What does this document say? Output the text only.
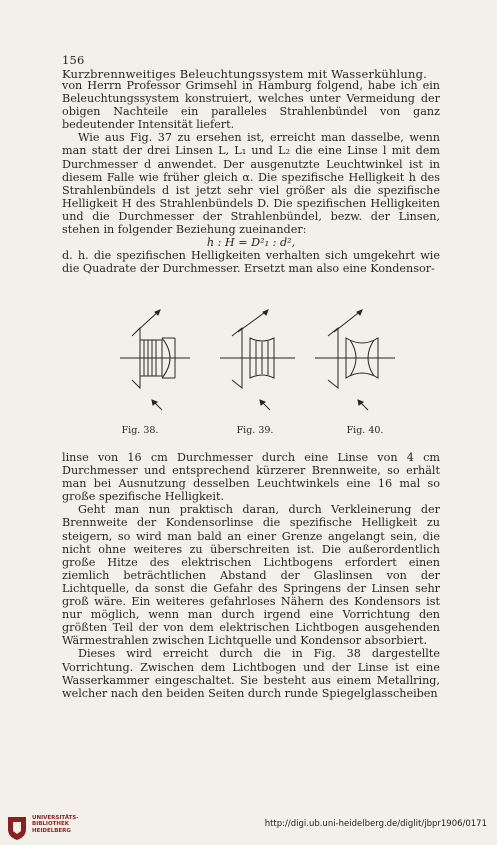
156 Kurzbrennweitiges Beleuchtungssystem mit Wasserkühlung.

von Herrn Professor Grimsehl in Hamburg folgend, habe ich ein Beleuchtungssystem konstruiert, welches unter Vermeidung der obigen Nachteile ein paralleles Strahlenbündel von ganz bedeutender Intensität liefert.

Wie aus Fig. 37 zu ersehen ist, erreicht man dasselbe, wenn man statt der drei Linsen L, L₁ und L₂ die eine Linse l mit dem Durchmesser d anwendet. Der ausgenutzte Leuchtwinkel ist in diesem Falle wie früher gleich α. Die spezifische Helligkeit h des Strahlenbündels d ist jetzt sehr viel größer als die spezifische Helligkeit H des Strahlenbündels D. Die spezifischen Helligkeiten und die Durchmesser der Strahlenbündel, bezw. der Linsen, stehen in folgender Beziehung zueinander:

h : H = D²₁ : d²,

d. h. die spezifischen Helligkeiten verhalten sich umgekehrt wie die Quadrate der Durchmesser. Ersetzt man also eine Kondensor-

Fig. 38.	Fig. 39.	Fig. 40.

linse von 16 cm Durchmesser durch eine Linse von 4 cm Durchmesser und entsprechend kürzerer Brennweite, so erhält man bei Ausnutzung desselben Leuchtwinkels eine 16 mal so große spezifische Helligkeit.

Geht man nun praktisch daran, durch Verkleinerung der Brennweite der Kondensorlinse die spezifische Helligkeit zu steigern, so wird man bald an einer Grenze angelangt sein, die nicht ohne weiteres zu überschreiten ist. Die außerordentlich große Hitze des elektrischen Lichtbogens erfordert einen ziemlich beträchtlichen Abstand der Glaslinsen von der Lichtquelle, da sonst die Gefahr des Springens der Linsen sehr groß wäre. Ein weiteres gefahrloses Nähern des Kondensors ist nur möglich, wenn man durch irgend eine Vorrichtung den größten Teil der von dem elektrischen Lichtbogen ausgehenden Wärmestrahlen zwischen Lichtquelle und Kondensor absorbiert.

Dieses wird erreicht durch die in Fig. 38 dargestellte Vorrichtung. Zwischen dem Lichtbogen und der Linse ist eine Wasserkammer eingeschaltet. Sie besteht aus einem Metallring, welcher nach den beiden Seiten durch runde Spiegelglasscheiben

UNIVERSITÄTS-
BIBLIOTHEK
HEIDELBERG
http://digi.ub.uni-heidelberg.de/diglit/jbpr1906/0171
